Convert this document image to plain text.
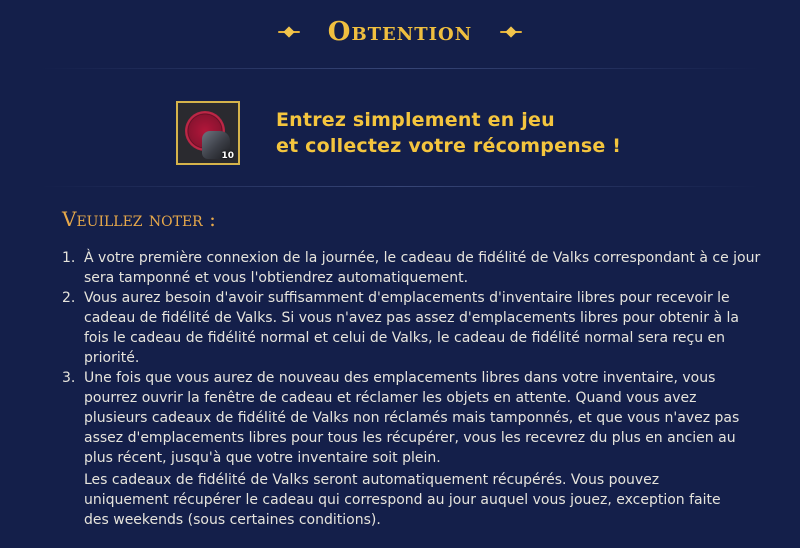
Obtention
10
Entrez simplement en jeu
et collectez votre récompense !
Veuillez noter :
1. À votre première connexion de la journée, le cadeau de fidélité de Valks correspondant à ce jour sera tamponné et vous l'obtiendrez automatiquement.
2. Vous aurez besoin d'avoir suffisamment d'emplacements d'inventaire libres pour recevoir le cadeau de fidélité de Valks. Si vous n'avez pas assez d'emplacements libres pour obtenir à la fois le cadeau de fidélité normal et celui de Valks, le cadeau de fidélité normal sera reçu en priorité.
3. Une fois que vous aurez de nouveau des emplacements libres dans votre inventaire, vous pourrez ouvrir la fenêtre de cadeau et réclamer les objets en attente. Quand vous avez plusieurs cadeaux de fidélité de Valks non réclamés mais tamponnés, et que vous n'avez pas assez d'emplacements libres pour tous les récupérer, vous les recevrez du plus en ancien au plus récent, jusqu'à que votre inventaire soit plein.
Les cadeaux de fidélité de Valks seront automatiquement récupérés. Vous pouvez uniquement récupérer le cadeau qui correspond au jour auquel vous jouez, exception faite des weekends (sous certaines conditions).
